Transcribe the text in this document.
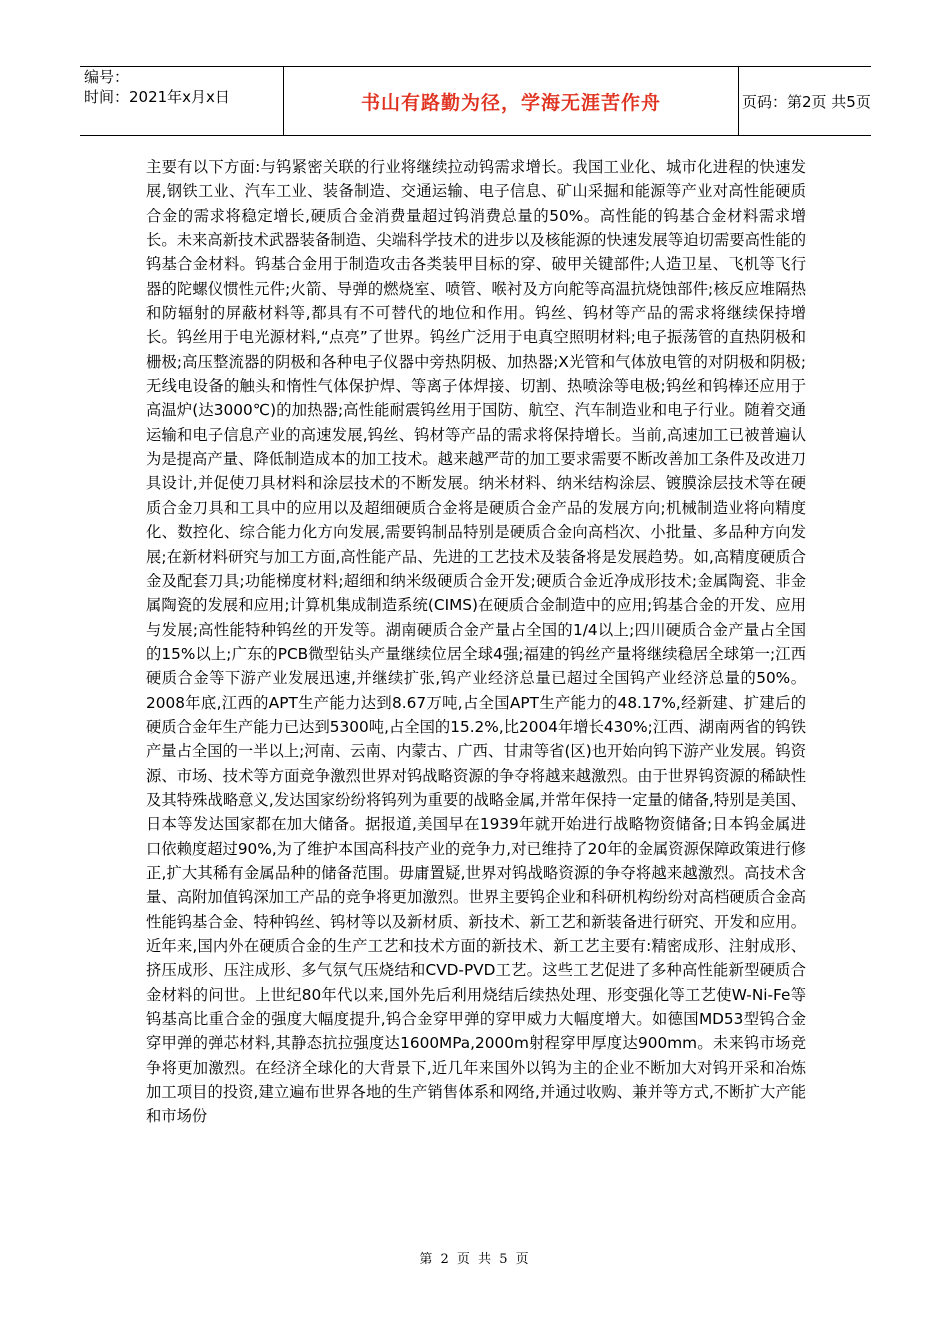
编号：
时间：2021年x月x日	书山有路勤为径，学海无涯苦作舟	页码：第2页 共5页

主要有以下方面:与钨紧密关联的行业将继续拉动钨需求增长。我国工业化、城市化进程的快速发展,钢铁工业、汽车工业、装备制造、交通运输、电子信息、矿山采掘和能源等产业对高性能硬质合金的需求将稳定增长,硬质合金消费量超过钨消费总量的50%。高性能的钨基合金材料需求增长。未来高新技术武器装备制造、尖端科学技术的进步以及核能源的快速发展等迫切需要高性能的钨基合金材料。钨基合金用于制造攻击各类装甲目标的穿、破甲关键部件;人造卫星、飞机等飞行器的陀螺仪惯性元件;火箭、导弹的燃烧室、喷管、喉衬及方向舵等高温抗烧蚀部件;核反应堆隔热和防辐射的屏蔽材料等,都具有不可替代的地位和作用。钨丝、钨材等产品的需求将继续保持增长。钨丝用于电光源材料,“点亮”了世界。钨丝广泛用于电真空照明材料;电子振荡管的直热阴极和栅极;高压整流器的阴极和各种电子仪器中旁热阴极、加热器;X光管和气体放电管的对阴极和阴极;无线电设备的触头和惰性气体保护焊、等离子体焊接、切割、热喷涂等电极;钨丝和钨棒还应用于高温炉(达3000℃)的加热器;高性能耐震钨丝用于国防、航空、汽车制造业和电子行业。随着交通运输和电子信息产业的高速发展,钨丝、钨材等产品的需求将保持增长。当前,高速加工已被普遍认为是提高产量、降低制造成本的加工技术。越来越严苛的加工要求需要不断改善加工条件及改进刀具设计,并促使刀具材料和涂层技术的不断发展。纳米材料、纳米结构涂层、镀膜涂层技术等在硬质合金刀具和工具中的应用以及超细硬质合金将是硬质合金产品的发展方向;机械制造业将向精度化、数控化、综合能力化方向发展,需要钨制品特别是硬质合金向高档次、小批量、多品种方向发展;在新材料研究与加工方面,高性能产品、先进的工艺技术及装备将是发展趋势。如,高精度硬质合金及配套刀具;功能梯度材料;超细和纳米级硬质合金开发;硬质合金近净成形技术;金属陶瓷、非金属陶瓷的发展和应用;计算机集成制造系统(CIMS)在硬质合金制造中的应用;钨基合金的开发、应用与发展;高性能特种钨丝的开发等。湖南硬质合金产量占全国的1/4以上;四川硬质合金产量占全国的15%以上;广东的PCB微型钻头产量继续位居全球4强;福建的钨丝产量将继续稳居全球第一;江西硬质合金等下游产业发展迅速,并继续扩张,钨产业经济总量已超过全国钨产业经济总量的50%。2008年底,江西的APT生产能力达到8.67万吨,占全国APT生产能力的48.17%,经新建、扩建后的硬质合金年生产能力已达到5300吨,占全国的15.2%,比2004年增长430%;江西、湖南两省的钨铁产量占全国的一半以上;河南、云南、内蒙古、广西、甘肃等省(区)也开始向钨下游产业发展。钨资源、市场、技术等方面竞争激烈世界对钨战略资源的争夺将越来越激烈。由于世界钨资源的稀缺性及其特殊战略意义,发达国家纷纷将钨列为重要的战略金属,并常年保持一定量的储备,特别是美国、日本等发达国家都在加大储备。据报道,美国早在1939年就开始进行战略物资储备;日本钨金属进口依赖度超过90%,为了维护本国高科技产业的竞争力,对已维持了20年的金属资源保障政策进行修正,扩大其稀有金属品种的储备范围。毋庸置疑,世界对钨战略资源的争夺将越来越激烈。高技术含量、高附加值钨深加工产品的竞争将更加激烈。世界主要钨企业和科研机构纷纷对高档硬质合金高性能钨基合金、特种钨丝、钨材等以及新材质、新技术、新工艺和新装备进行研究、开发和应用。近年来,国内外在硬质合金的生产工艺和技术方面的新技术、新工艺主要有:精密成形、注射成形、挤压成形、压注成形、多气氛气压烧结和CVD-PVD工艺。这些工艺促进了多种高性能新型硬质合金材料的问世。上世纪80年代以来,国外先后利用烧结后续热处理、形变强化等工艺使W-Ni-Fe等钨基高比重合金的强度大幅度提升,钨合金穿甲弹的穿甲威力大幅度增大。如德国MD53型钨合金穿甲弹的弹芯材料,其静态抗拉强度达1600MPa,2000m射程穿甲厚度达900mm。未来钨市场竞争将更加激烈。在经济全球化的大背景下,近几年来国外以钨为主的企业不断加大对钨开采和冶炼加工项目的投资,建立遍布世界各地的生产销售体系和网络,并通过收购、兼并等方式,不断扩大产能和市场份

第 2 页 共 5 页
